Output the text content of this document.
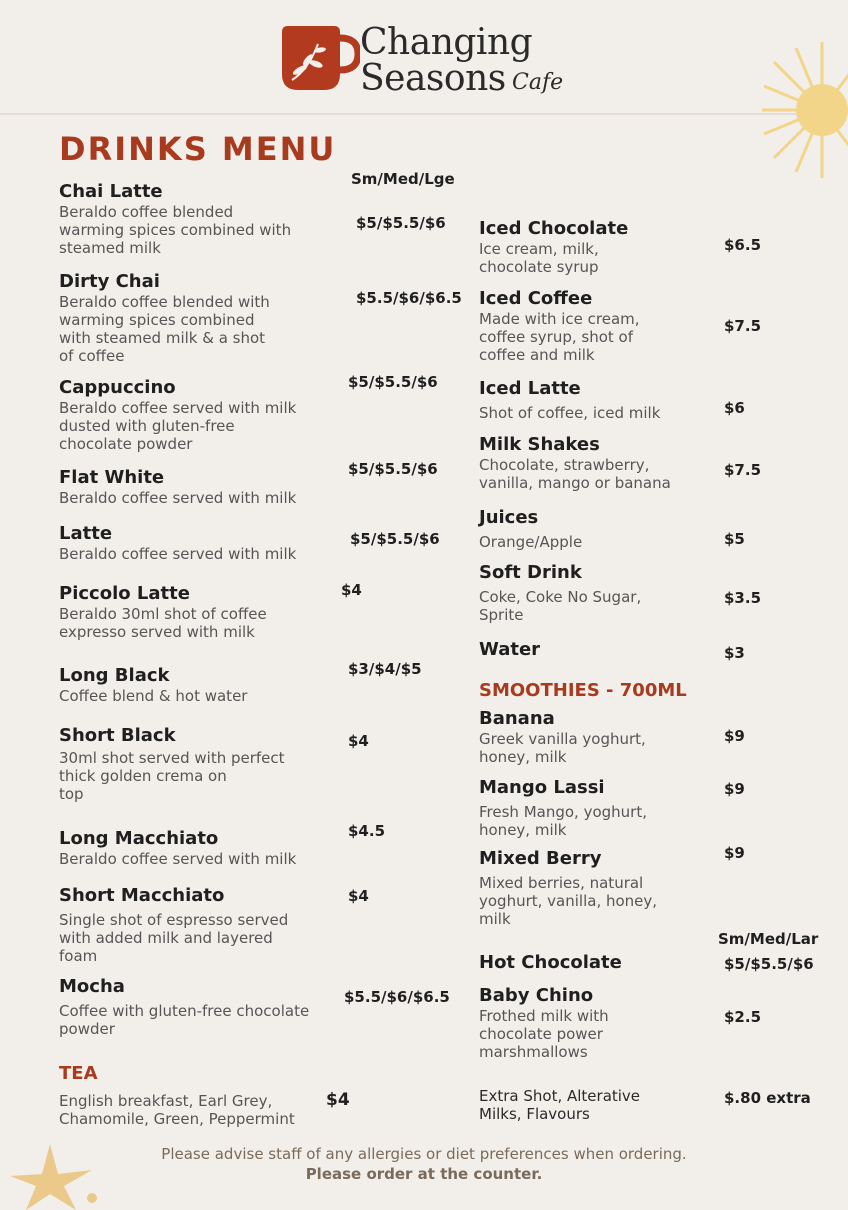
Changing
Seasons Cafe
DRINKS MENU
Sm/Med/Lge
Chai Latte
Beraldo coffee blended
warming spices combined with
steamed milk
$5/$5.5/$6
Dirty Chai
Beraldo coffee blended with
warming spices combined
with steamed milk & a shot
of coffee
$5.5/$6/$6.5
Cappuccino
Beraldo coffee served with milk
dusted with gluten-free
chocolate powder
$5/$5.5/$6
Flat White
Beraldo coffee served with milk
$5/$5.5/$6
Latte
Beraldo coffee served with milk
$5/$5.5/$6
Piccolo Latte
Beraldo 30ml shot of coffee
expresso served with milk
$4
Long Black
Coffee blend & hot water
$3/$4/$5
Short Black
30ml shot served with perfect
thick golden crema on
top
$4
Long Macchiato
Beraldo coffee served with milk
$4.5
Short Macchiato
Single shot of espresso served
with added milk and layered
foam
$4
Mocha
Coffee with gluten-free chocolate
powder
$5.5/$6/$6.5
TEA
English breakfast, Earl Grey,
Chamomile, Green, Peppermint
$4
Iced Chocolate
Ice cream, milk,
chocolate syrup
$6.5
Iced Coffee
Made with ice cream,
coffee syrup, shot of
coffee and milk
$7.5
Iced Latte
Shot of coffee, iced milk	$6
Milk Shakes
Chocolate, strawberry,
vanilla, mango or banana
$7.5
Juices
Orange/Apple	$5
Soft Drink
Coke, Coke No Sugar,
Sprite
$3.5
Water	$3
SMOOTHIES - 700ML
Banana
Greek vanilla yoghurt,
honey, milk
$9
Mango Lassi
Fresh Mango, yoghurt,
honey, milk
$9
Mixed Berry
Mixed berries, natural
yoghurt, vanilla, honey,
milk
$9
Sm/Med/Lar
Hot Chocolate	$5/$5.5/$6
Baby Chino
Frothed milk with
chocolate power
marshmallows
$2.5
Extra Shot, Alterative
Milks, Flavours
$.80 extra
Please advise staff of any allergies or diet preferences when ordering.
Please order at the counter.
